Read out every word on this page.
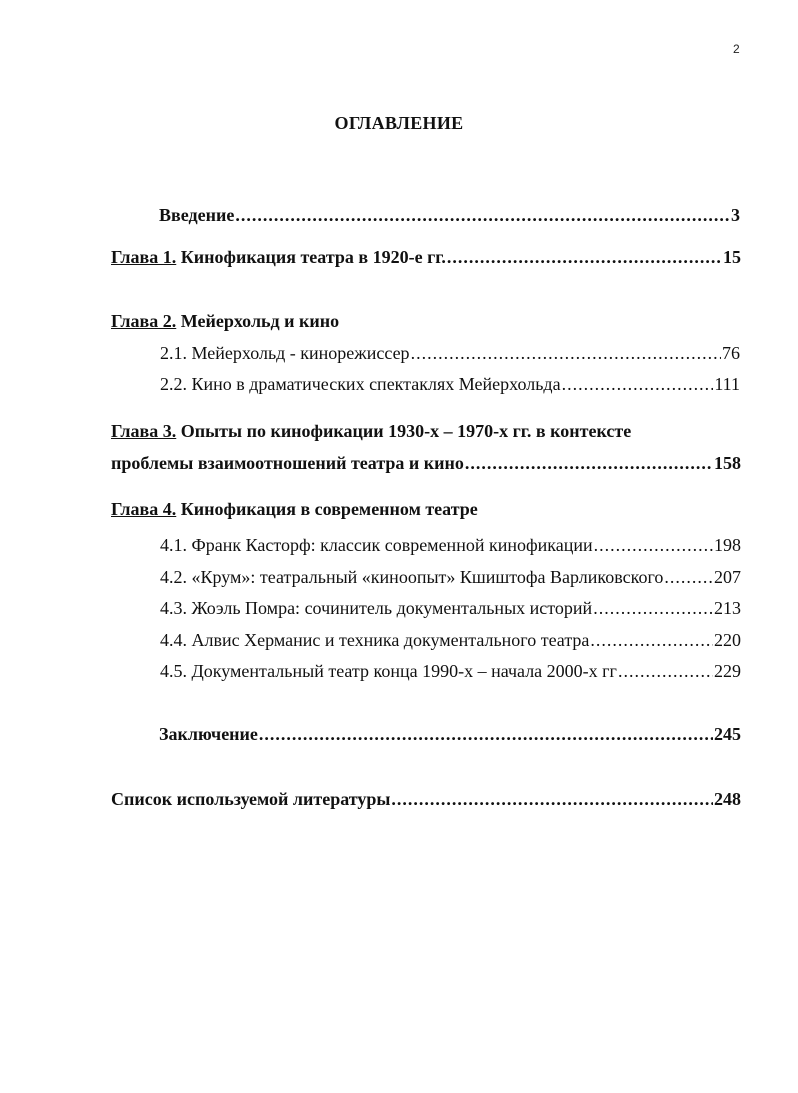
2
ОГЛАВЛЕНИЕ
Введение .....	3
Глава 1. Кинофикация театра в 1920-е гг. .....	15
Глава 2. Мейерхольд и кино
2.1. Мейерхольд - кинорежиссер .....	76
2.2. Кино в драматических спектаклях Мейерхольда .....	111
Глава 3. Опыты по кинофикации 1930-х – 1970-х гг. в контексте
проблемы взаимоотношений театра и кино .....	158
Глава 4. Кинофикация в современном театре
4.1. Франк Касторф: классик современной кинофикации .....	198
4.2. «Крум»: театральный «киноопыт» Кшиштофа Варликовского .....	207
4.3. Жоэль Помра: сочинитель документальных историй .....	213
4.4. Алвис Херманис и техника документального театра .....	220
4.5. Документальный театр конца 1990-х – начала 2000-х гг .....	229
Заключение .....	245
Список используемой литературы .....	248
